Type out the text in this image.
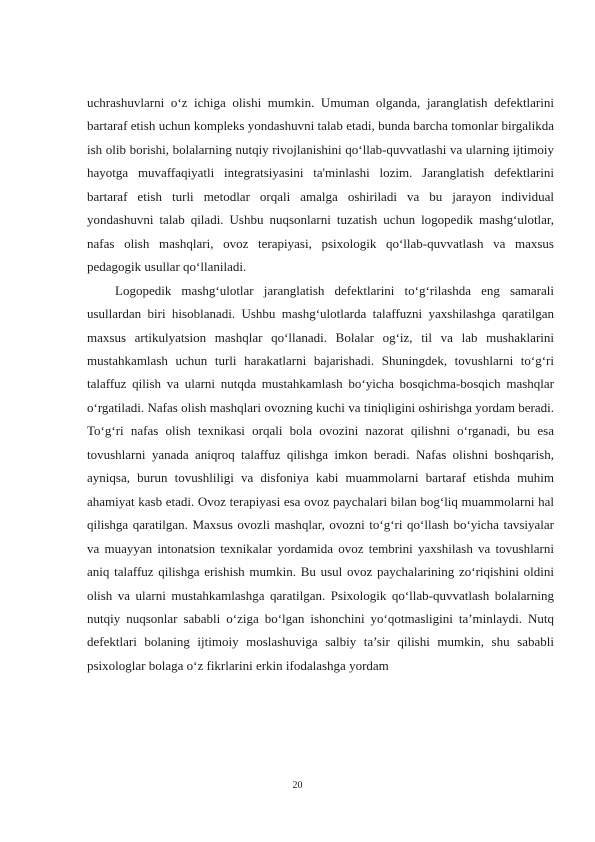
uchrashuvlarni o‘z ichiga olishi mumkin. Umuman olganda, jaranglatish defektlarini bartaraf etish uchun kompleks yondashuvni talab etadi, bunda barcha tomonlar birgalikda ish olib borishi, bolalarning nutqiy rivojlanishini qo‘llab-quvvatlashi va ularning ijtimoiy hayotga muvaffaqiyatli integratsiyasini ta'minlashi lozim. Jaranglatish defektlarini bartaraf etish turli metodlar orqali amalga oshiriladi va bu jarayon individual yondashuvni talab qiladi. Ushbu nuqsonlarni tuzatish uchun logopedik mashg‘ulotlar, nafas olish mashqlari, ovoz terapiyasi, psixologik qo‘llab-quvvatlash va maxsus pedagogik usullar qo‘llaniladi.

Logopedik mashg‘ulotlar jaranglatish defektlarini to‘g‘rilashda eng samarali usullardan biri hisoblanadi. Ushbu mashg‘ulotlarda talaffuzni yaxshilashga qaratilgan maxsus artikulyatsion mashqlar qo‘llanadi. Bolalar og‘iz, til va lab mushaklarini mustahkamlash uchun turli harakatlarni bajarishadi. Shuningdek, tovushlarni to‘g‘ri talaffuz qilish va ularni nutqda mustahkamlash bo‘yicha bosqichma-bosqich mashqlar o‘rgatiladi. Nafas olish mashqlari ovozning kuchi va tiniqligini oshirishga yordam beradi. To‘g‘ri nafas olish texnikasi orqali bola ovozini nazorat qilishni o‘rganadi, bu esa tovushlarni yanada aniqroq talaffuz qilishga imkon beradi. Nafas olishni boshqarish, ayniqsa, burun tovushliligi va disfoniya kabi muammolarni bartaraf etishda muhim ahamiyat kasb etadi. Ovoz terapiyasi esa ovoz paychalari bilan bog‘liq muammolarni hal qilishga qaratilgan. Maxsus ovozli mashqlar, ovozni to‘g‘ri qo‘llash bo‘yicha tavsiyalar va muayyan intonatsion texnikalar yordamida ovoz tembrini yaxshilash va tovushlarni aniq talaffuz qilishga erishish mumkin. Bu usul ovoz paychalarining zo‘riqishini oldini olish va ularni mustahkamlashga qaratilgan. Psixologik qo‘llab-quvvatlash bolalarning nutqiy nuqsonlar sababli o‘ziga bo‘lgan ishonchini yo‘qotmasligini ta’minlaydi. Nutq defektlari bolaning ijtimoiy moslashuviga salbiy ta’sir qilishi mumkin, shu sababli psixologlar bolaga o‘z fikrlarini erkin ifodalashga yordam

20
